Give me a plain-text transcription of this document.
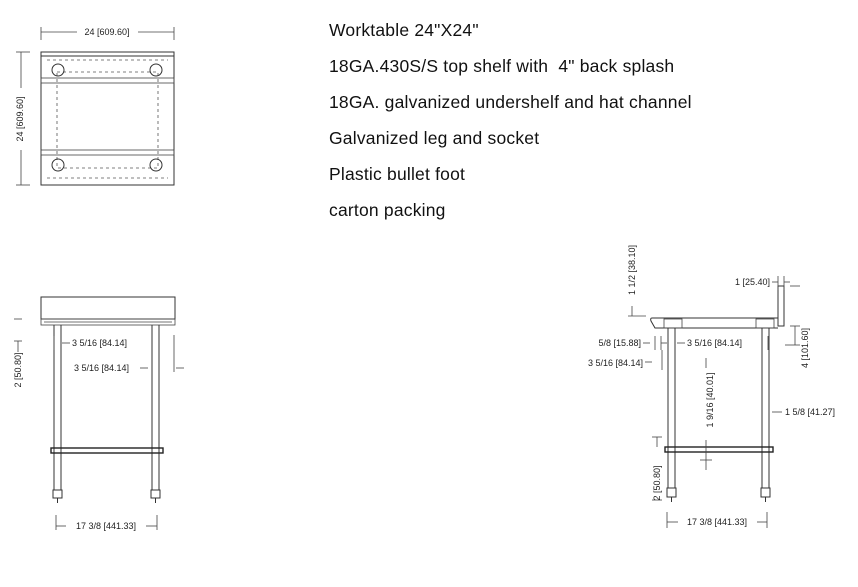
Worktable 24"X24"
18GA.430S/S top shelf with  4" back splash
18GA. galvanized undershelf and hat channel
Galvanized leg and socket
Plastic bullet foot
carton packing
24 [609.60]
24 [609.60]
2 [50.80]
3 5/16 [84.14]
3 5/16 [84.14]
17 3/8 [441.33]
1 1/2 [38.10]	1 [25.40]
5/8 [15.88]	3 5/16 [84.14]
3 5/16 [84.14]	4 [101.60]
1 9/16 [40.01]	1 5/8 [41.27]
2 [50.80]
17 3/8 [441.33]
